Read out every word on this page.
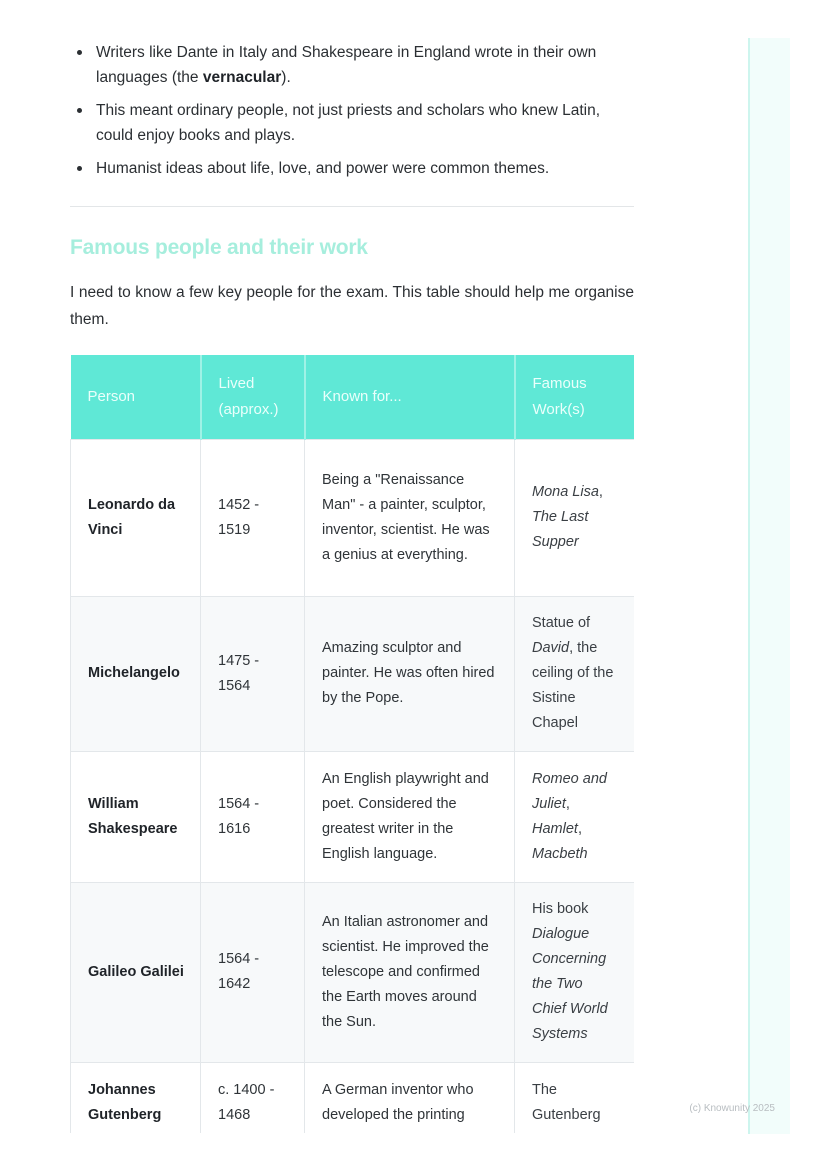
Writers like Dante in Italy and Shakespeare in England wrote in their own languages (the vernacular).
This meant ordinary people, not just priests and scholars who knew Latin, could enjoy books and plays.
Humanist ideas about life, love, and power were common themes.
Famous people and their work

I need to know a few key people for the exam. This table should help me organise them.

Person	Lived (approx.)	Known for...	Famous Work(s)
Leonardo da Vinci	1452 - 1519	Being a "Renaissance Man" - a painter, sculptor, inventor, scientist. He was a genius at everything.	Mona Lisa, The Last Supper
Michelangelo	1475 - 1564	Amazing sculptor and painter. He was often hired by the Pope.	Statue of David, the ceiling of the Sistine Chapel
William Shakespeare	1564 - 1616	An English playwright and poet. Considered the greatest writer in the English language.	Romeo and Juliet, Hamlet, Macbeth
Galileo Galilei	1564 - 1642	An Italian astronomer and scientist. He improved the telescope and confirmed the Earth moves around the Sun.	His book Dialogue Concerning the Two Chief World Systems
Johannes Gutenberg	c. 1400 - 1468	A German inventor who developed the printing	The Gutenberg	(c) Knowunity 2025
